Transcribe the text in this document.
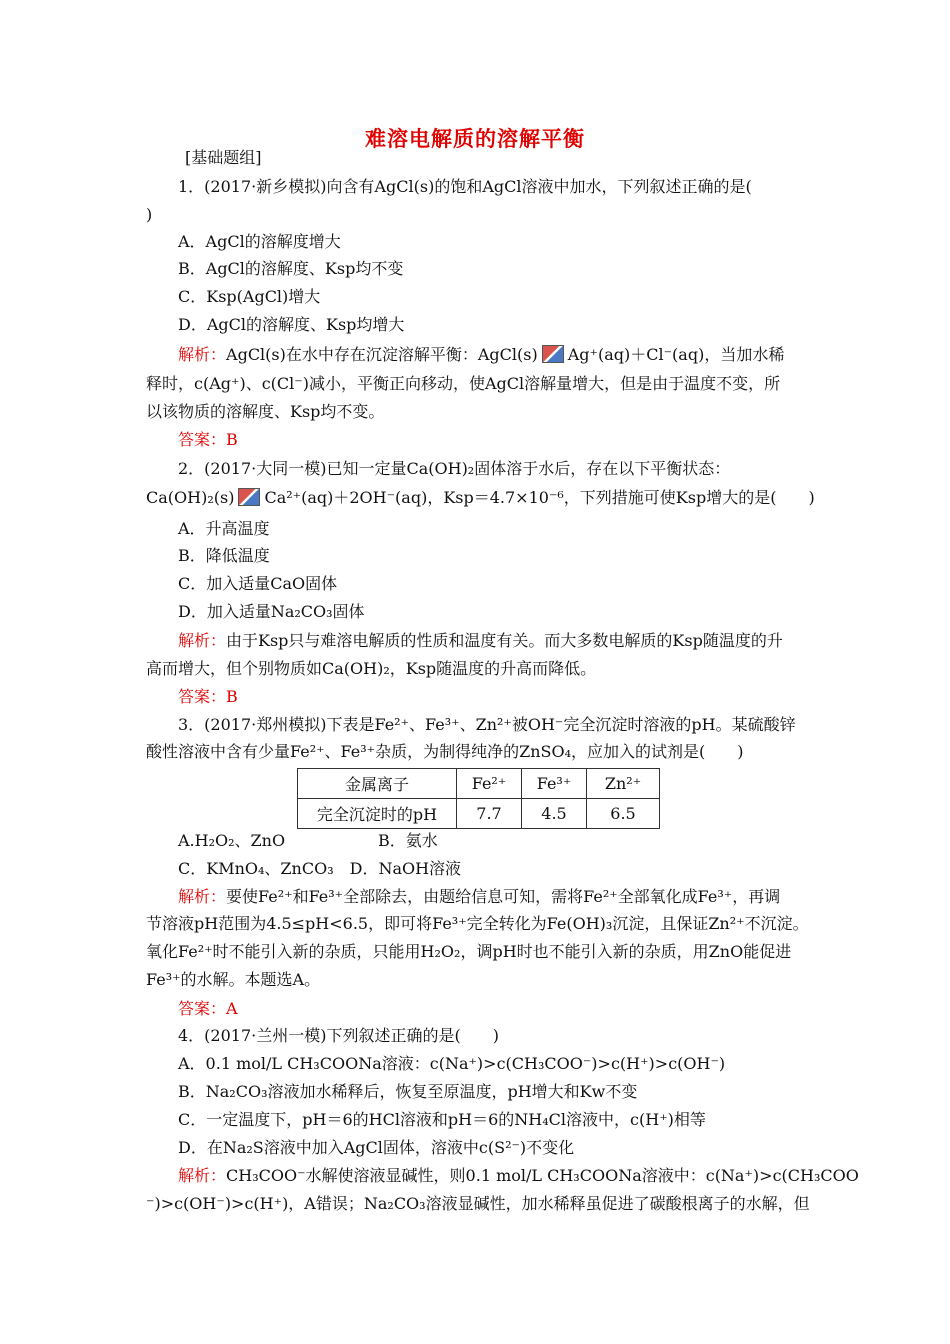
难溶电解质的溶解平衡
[基础题组]
1．(2017·新乡模拟)向含有AgCl(s)的饱和AgCl溶液中加水，下列叙述正确的是(
)
A．AgCl的溶解度增大
B．AgCl的溶解度、Ksp均不变
C．Ksp(AgCl)增大
D．AgCl的溶解度、Ksp均增大
解析：AgCl(s)在水中存在沉淀溶解平衡：AgCl(s) Ag⁺(aq)＋Cl⁻(aq)，当加水稀
释时，c(Ag⁺)、c(Cl⁻)减小，平衡正向移动，使AgCl溶解量增大，但是由于温度不变，所
以该物质的溶解度、Ksp均不变。
答案：B
2．(2017·大同一模)已知一定量Ca(OH)₂固体溶于水后，存在以下平衡状态：
Ca(OH)₂(s) Ca²⁺(aq)＋2OH⁻(aq)，Ksp＝4.7×10⁻⁶，下列措施可使Ksp增大的是(　　)
A．升高温度
B．降低温度
C．加入适量CaO固体
D．加入适量Na₂CO₃固体
解析：由于Ksp只与难溶电解质的性质和温度有关。而大多数电解质的Ksp随温度的升
高而增大，但个别物质如Ca(OH)₂，Ksp随温度的升高而降低。
答案：B
3．(2017·郑州模拟)下表是Fe²⁺、Fe³⁺、Zn²⁺被OH⁻完全沉淀时溶液的pH。某硫酸锌
酸性溶液中含有少量Fe²⁺、Fe³⁺杂质，为制得纯净的ZnSO₄，应加入的试剂是(　　)
金属离子	Fe²⁺	Fe³⁺	Zn²⁺
完全沉淀时的pH	7.7	4.5	6.5
A.H₂O₂、ZnO	B．氨水
C．KMnO₄、ZnCO₃　D．NaOH溶液
解析：要使Fe²⁺和Fe³⁺全部除去，由题给信息可知，需将Fe²⁺全部氧化成Fe³⁺，再调
节溶液pH范围为4.5≤pH<6.5，即可将Fe³⁺完全转化为Fe(OH)₃沉淀，且保证Zn²⁺不沉淀。
氧化Fe²⁺时不能引入新的杂质，只能用H₂O₂，调pH时也不能引入新的杂质，用ZnO能促进
Fe³⁺的水解。本题选A。
答案：A
4．(2017·兰州一模)下列叙述正确的是(　　)
A．0.1 mol/L CH₃COONa溶液：c(Na⁺)>c(CH₃COO⁻)>c(H⁺)>c(OH⁻)
B．Na₂CO₃溶液加水稀释后，恢复至原温度，pH增大和Kw不变
C．一定温度下，pH＝6的HCl溶液和pH＝6的NH₄Cl溶液中，c(H⁺)相等
D．在Na₂S溶液中加入AgCl固体，溶液中c(S²⁻)不变化
解析：CH₃COO⁻水解使溶液显碱性，则0.1 mol/L CH₃COONa溶液中：c(Na⁺)>c(CH₃COO
⁻)>c(OH⁻)>c(H⁺)，A错误；Na₂CO₃溶液显碱性，加水稀释虽促进了碳酸根离子的水解，但
